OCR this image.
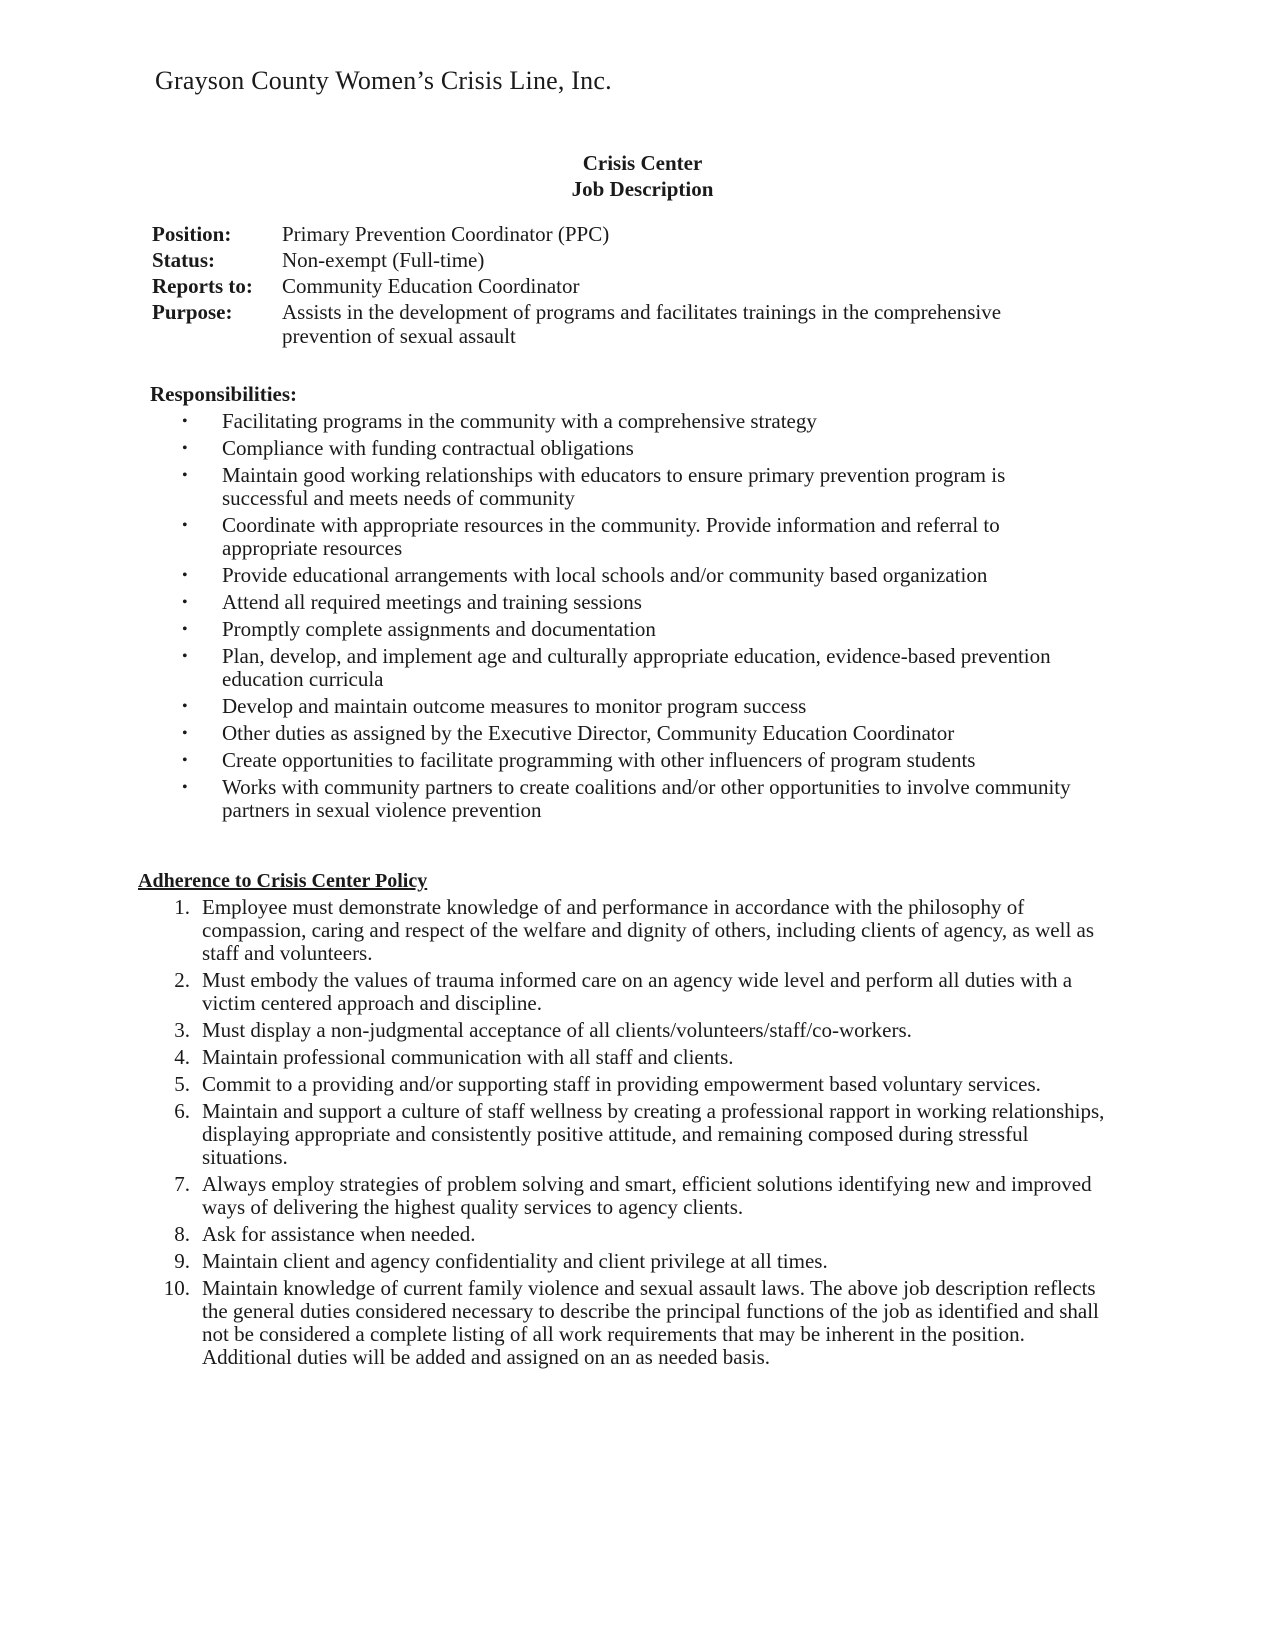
Grayson County Women’s Crisis Line, Inc.
Crisis Center
Job Description
Position:	Primary Prevention Coordinator (PPC)
Status:	Non-exempt (Full-time)
Reports to:	Community Education Coordinator
Purpose:	Assists in the development of programs and facilitates trainings in the comprehensive prevention of sexual assault
Responsibilities:
•	Facilitating programs in the community with a comprehensive strategy
•	Compliance with funding contractual obligations
•	Maintain good working relationships with educators to ensure primary prevention program is successful and meets needs of community
•	Coordinate with appropriate resources in the community. Provide information and referral to appropriate resources
•	Provide educational arrangements with local schools and/or community based organization
•	Attend all required meetings and training sessions
•	Promptly complete assignments and documentation
•	Plan, develop, and implement age and culturally appropriate education, evidence-based prevention education curricula
•	Develop and maintain outcome measures to monitor program success
•	Other duties as assigned by the Executive Director, Community Education Coordinator
•	Create opportunities to facilitate programming with other influencers of program students
•	Works with community partners to create coalitions and/or other opportunities to involve community partners in sexual violence prevention
Adherence to Crisis Center Policy
1. Employee must demonstrate knowledge of and performance in accordance with the philosophy of compassion, caring and respect of the welfare and dignity of others, including clients of agency, as well as staff and volunteers.
2. Must embody the values of trauma informed care on an agency wide level and perform all duties with a victim centered approach and discipline.
3. Must display a non-judgmental acceptance of all clients/volunteers/staff/co-workers.
4. Maintain professional communication with all staff and clients.
5. Commit to a providing and/or supporting staff in providing empowerment based voluntary services.
6. Maintain and support a culture of staff wellness by creating a professional rapport in working relationships, displaying appropriate and consistently positive attitude, and remaining composed during stressful situations.
7. Always employ strategies of problem solving and smart, efficient solutions identifying new and improved ways of delivering the highest quality services to agency clients.
8. Ask for assistance when needed.
9. Maintain client and agency confidentiality and client privilege at all times.
10. Maintain knowledge of current family violence and sexual assault laws. The above job description reflects the general duties considered necessary to describe the principal functions of the job as identified and shall not be considered a complete listing of all work requirements that may be inherent in the position. Additional duties will be added and assigned on an as needed basis.
